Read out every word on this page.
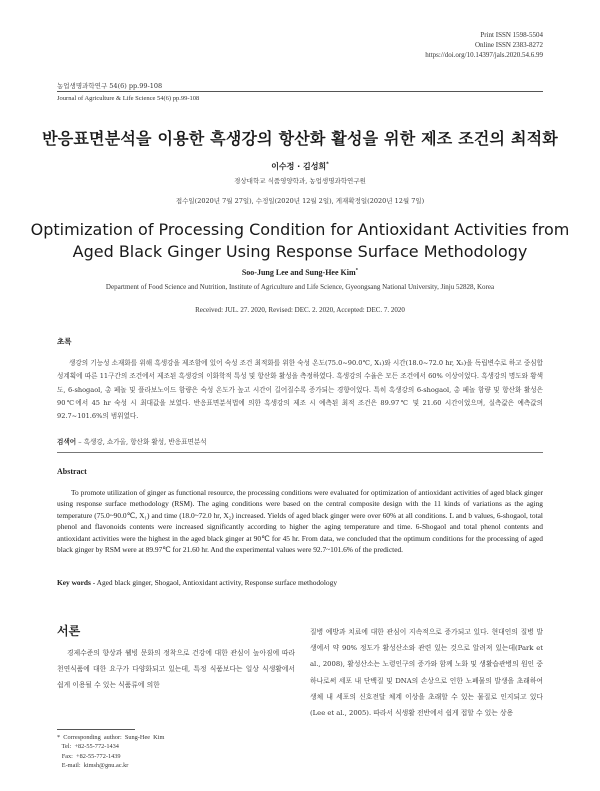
Print ISSN 1598-5504
Online ISSN 2383-8272
https://doi.org/10.14397/jals.2020.54.6.99
농업생명과학연구 54(6) pp.99-108
Journal of Agriculture & Life Science 54(6) pp.99-108
반응표면분석을 이용한 흑생강의 항산화 활성을 위한 제조 조건의 최적화
이수정 · 김성희*
경상대학교 식품영양학과, 농업생명과학연구원
접수일(2020년 7월 27일), 수정일(2020년 12월 2일), 게재확정일(2020년 12월 7일)
Optimization of Processing Condition for Antioxidant Activities from
Aged Black Ginger Using Response Surface Methodology
Soo-Jung Lee and Sung-Hee Kim*
Department of Food Science and Nutrition, Institute of Agriculture and Life Science, Gyeongsang National University, Jinju 52828, Korea
Received: JUL. 27. 2020, Revised: DEC. 2. 2020, Accepted: DEC. 7. 2020
초록
생강의 기능성 소재화를 위해 흑생강을 제조함에 있어 숙성 조건 최적화를 위한 숙성 온도(75.0~90.0℃, X₁)와 시간(18.0~72.0 hr, X₂)을 독립변수로 하고 중심합성계획에 따른 11구간의 조건에서 제조된 흑생강의 이화학적 특성 및 항산화 활성을 측정하였다. 흑생강의 수율은 모든 조건에서 60% 이상이었다. 흑생강의 명도와 황색도, 6-shogaol, 총 페놀 및 플라보노이드 함량은 숙성 온도가 높고 시간이 길어질수록 증가되는 경향이었다. 특히 흑생강의 6-shogaol, 총 페놀 함량 및 항산화 활성은 90℃에서 45 hr 숙성 시 최대값을 보였다. 반응표면분석법에 의한 흑생강의 제조 시 예측된 최적 조건은 89.97℃ 및 21.60 시간이었으며, 실측값은 예측값의 92.7~101.6%의 범위였다.
검색어 – 흑생강, 쇼가올, 항산화 활성, 반응표면분석
Abstract
To promote utilization of ginger as functional resource, the processing conditions were evaluated for optimization of antioxidant activities of aged black ginger using response surface methodology (RSM). The aging conditions were based on the central composite design with the 11 kinds of variations as the aging temperature (75.0~90.0℃, X₁) and time (18.0~72.0 hr, X₂) increased. Yields of aged black ginger were over 60% at all conditions. L and b values, 6-shogaol, total phenol and flavonoids contents were increased significantly according to higher the aging temperature and time. 6-Shogaol and total phenol contents and antioxidant activities were the highest in the aged black ginger at 90℃ for 45 hr. From data, we concluded that the optimum conditions for the processing of aged black ginger by RSM were at 89.97℃ for 21.60 hr. And the experimental values were 92.7~101.6% of the predicted.
Key words - Aged black ginger, Shogaol, Antioxidant activity, Response surface methodology
서론
경제수준의 향상과 웰빙 문화의 정착으로 건강에 대한 관심이 높아짐에 따라 천연식품에 대한 요구가 다양화되고 있는데, 특정 식품보다는 일상 식생활에서 쉽게 이용될 수 있는 식품류에 의한
질병 예방과 치료에 대한 관심이 지속적으로 증가되고 있다. 현대인의 질병 발생에서 약 90% 정도가 활성산소와 관련 있는 것으로 알려져 있는데(Park et al., 2008), 활성산소는 노령인구의 증가와 함께 노화 및 생활습관병의 원인 중 하나로써 세포 내 단백질 및 DNA의 손상으로 인한 노폐물의 발생을 초래하여 생체 내 세포의 신호전달 체계 이상을 초래할 수 있는 물질로 인지되고 있다(Lee et al., 2005). 따라서 식생활 전반에서 쉽게 접할 수 있는 상용
*  Corresponding  author:  Sung-Hee  Kim
Tel:  +82-55-772-1434
Fax:  +82-55-772-1439
E-mail:  kimsh@gnu.ac.kr
